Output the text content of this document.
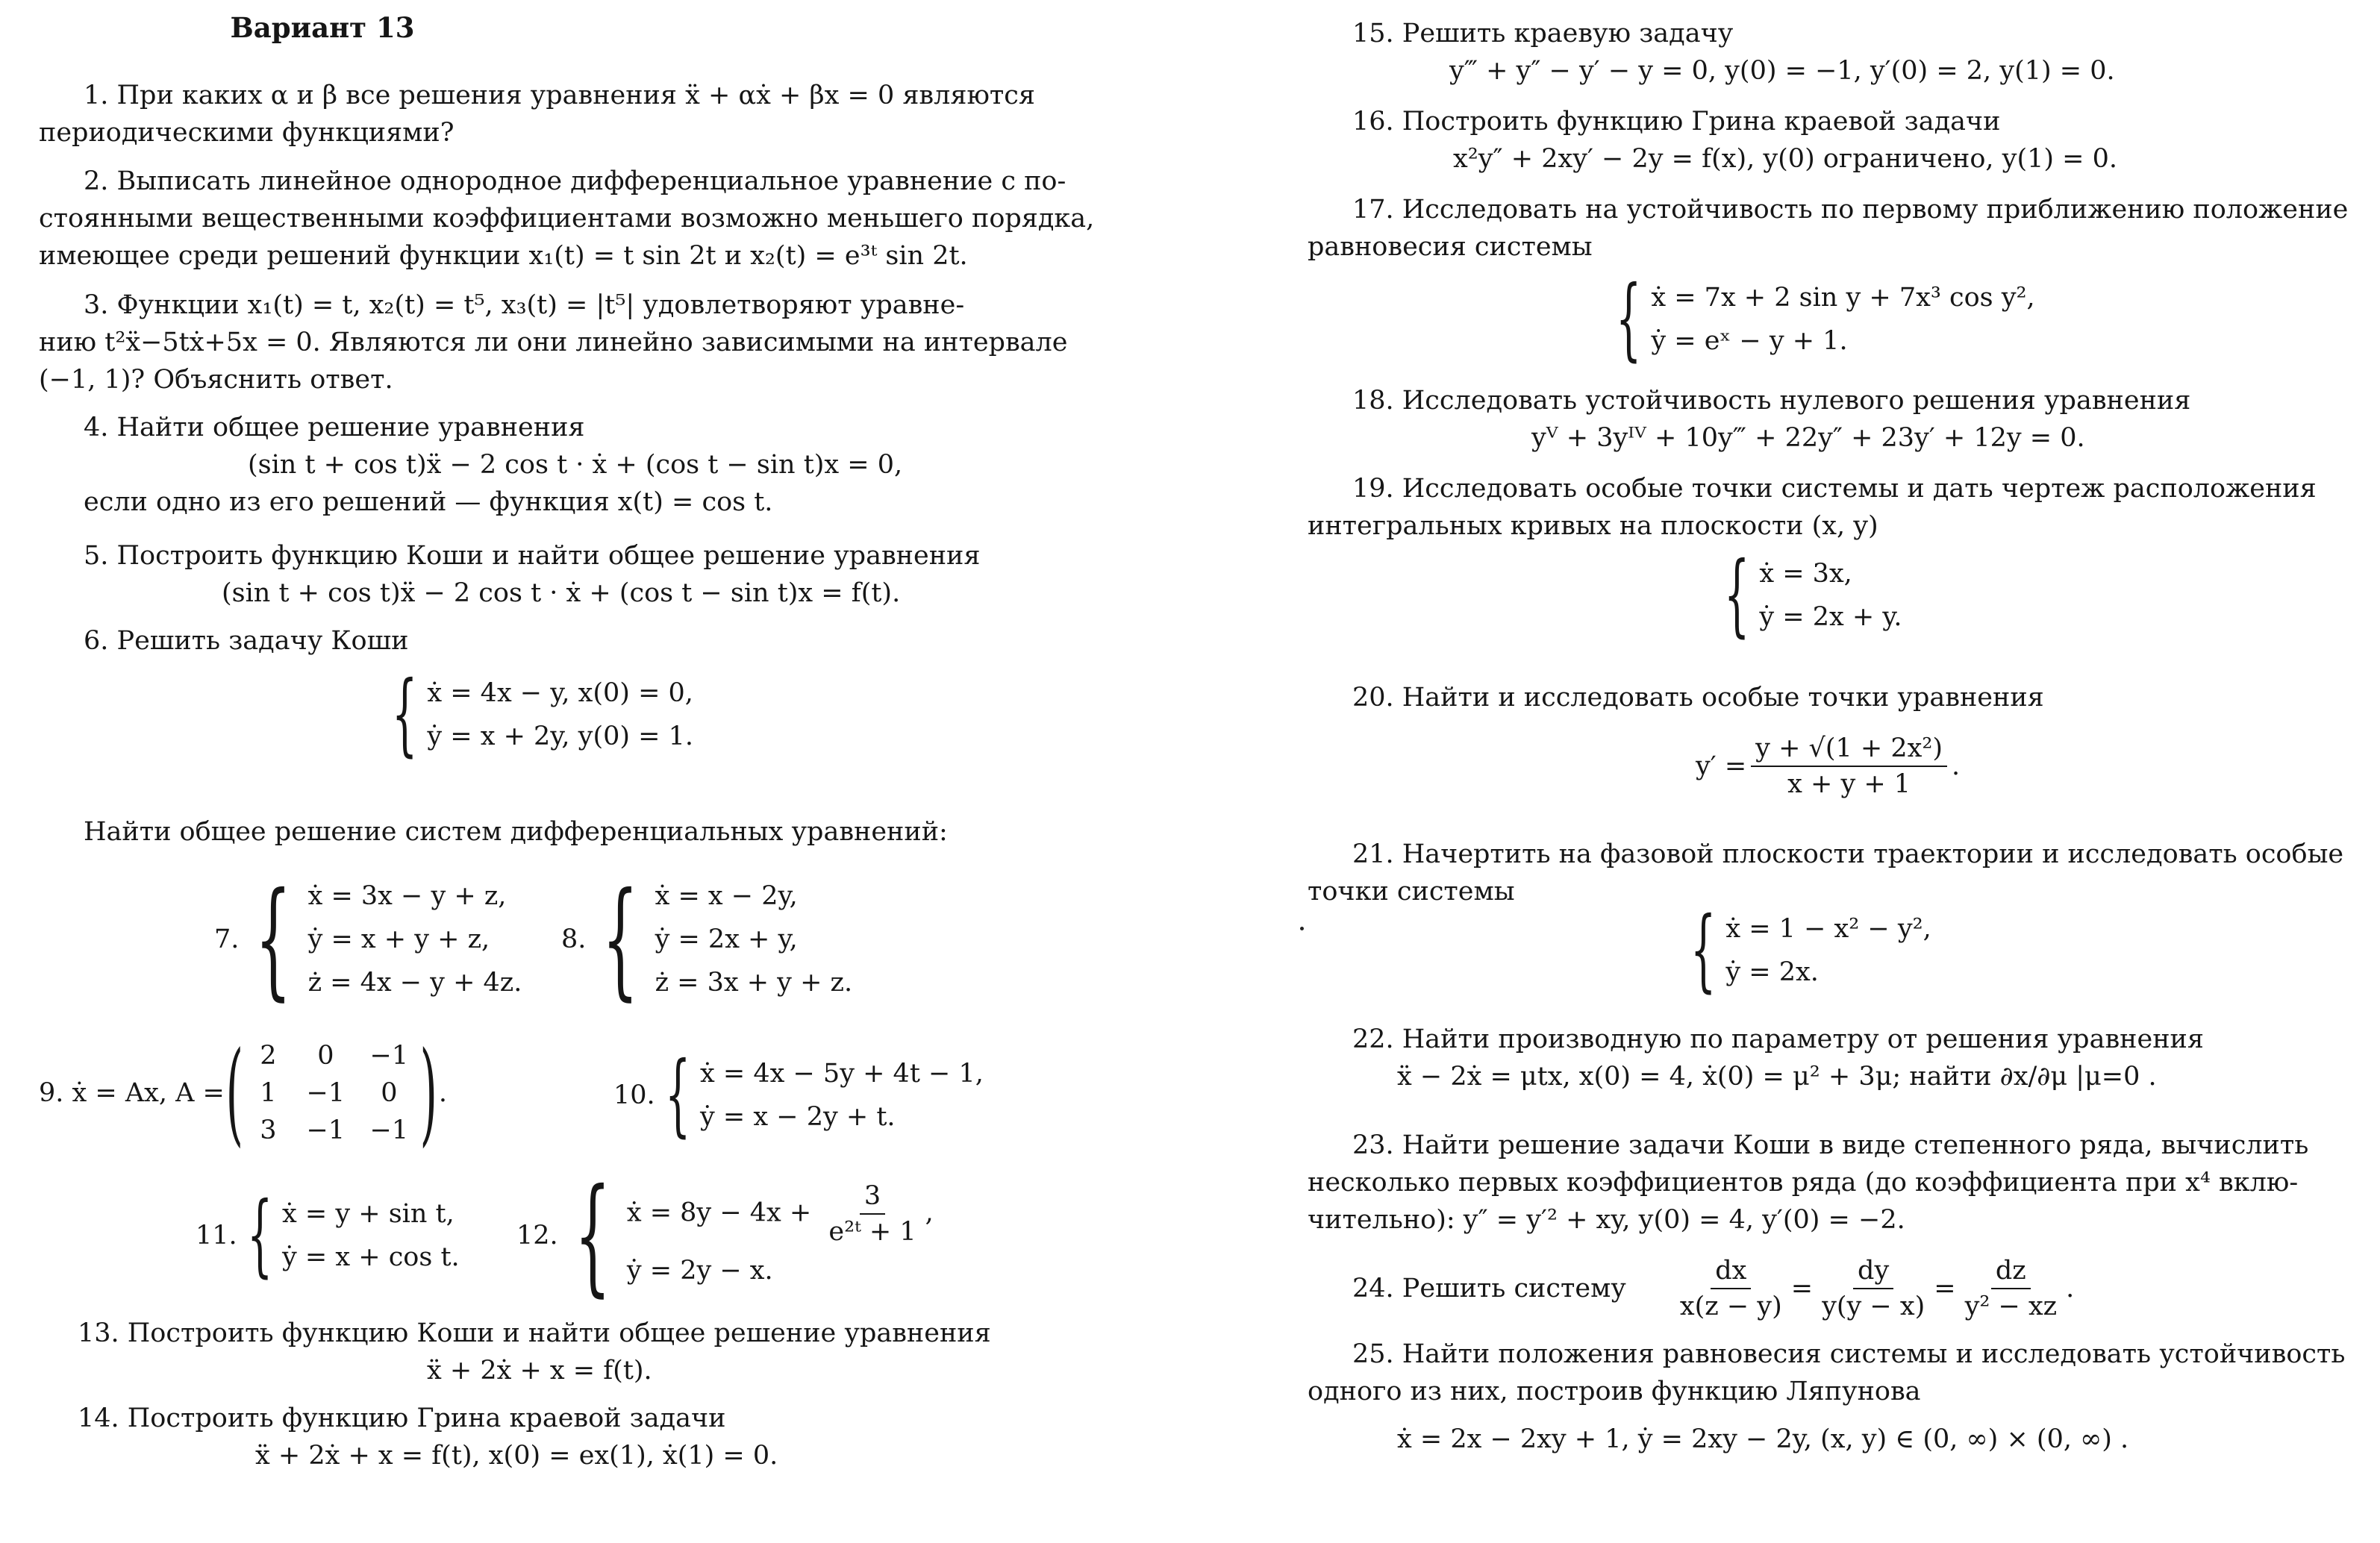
Вариант 13
1. При каких α и β все решения уравнения ẍ + αẋ + βx = 0 являются
периодическими функциями?
2. Выписать линейное однородное дифференциальное уравнение с по-
стоянными вещественными коэффициентами возможно меньшего порядка,
имеющее среди решений функции x₁(t) = t sin 2t и x₂(t) = e³ᵗ sin 2t.
3. Функции x₁(t) = t, x₂(t) = t⁵, x₃(t) = |t⁵| удовлетворяют уравне-
нию t²ẍ−5tẋ+5x = 0. Являются ли они линейно зависимыми на интервале
(−1, 1)? Объяснить ответ.
4. Найти общее решение уравнения
(sin t + cos t)ẍ − 2 cos t · ẋ + (cos t − sin t)x = 0,
если одно из его решений — функция x(t) = cos t.
5. Построить функцию Коши и найти общее решение уравнения
(sin t + cos t)ẍ − 2 cos t · ẋ + (cos t − sin t)x = f(t).
6. Решить задачу Коши
{ ẋ = 4x − y, x(0) = 0,
ẏ = x + 2y, y(0) = 1.
Найти общее решение систем дифференциальных уравнений:
7. { ẋ = 3x − y + z,
ẏ = x + y + z,
ż = 4x − y + 4z.
8. { ẋ = x − 2y,
ẏ = 2x + y,
ż = 3x + y + z.
9. ẋ = Ax, A = ( 2	0	−1
1	−1	0
3	−1 −1 ) .	10. { ẋ = 4x − 5y + 4t − 1,
ẏ = x − 2y + t.
11. { ẋ = y + sin t,
ẏ = x + cos t.
12. { ẋ = $8y - 4x + \frac{3}{\text{e²ᵗ + 1}}$ ,
ẏ = 2y − x.
13. Построить функцию Коши и найти общее решение уравнения
ẍ + 2ẋ + x = f(t).
14. Построить функцию Грина краевой задачи
ẍ + 2ẋ + x = f(t), x(0) = ex(1), ẋ(1) = 0.
15. Решить краевую задачу
y‴ + y″ − y′ − y = 0, y(0) = −1, y′(0) = 2, y(1) = 0.
16. Построить функцию Грина краевой задачи
x²y″ + 2xy′ − 2y = f(x), y(0) ограничено, y(1) = 0.
17. Исследовать на устойчивость по первому приближению положение
равновесия системы
{ ẋ = 7x + 2 sin y + 7x³ cos y²,
ẏ = eˣ − y + 1.
18. Исследовать устойчивость нулевого решения уравнения
yⱽ + 3yᴵⱽ + 10y‴ + 22y″ + 23y′ + 12y = 0.
19. Исследовать особые точки системы и дать чертеж расположения
интегральных кривых на плоскости (x, y)
{ ẋ = 3x,
ẏ = 2x + y.
20. Найти и исследовать особые точки уравнения
$y' = \frac{\text{y + √(1 + 2x²)}}{x + y + 1}$ .
21. Начертить на фазовой плоскости траектории и исследовать особые
точки системы
{ ẋ = 1 − x² − y²,
ẏ = 2x.
22. Найти производную по параметру от решения уравнения
ẍ − 2ẋ = μtx, x(0) = 4, ẋ(0) = μ² + 3μ; найти ∂x/∂μ |μ=0 .
23. Найти решение задачи Коши в виде степенного ряда, вычислить
несколько первых коэффициентов ряда (до коэффициента при x⁴ вклю-
чительно): y″ = y′² + xy, y(0) = 4, y′(0) = −2.
24. Решить систему $\frac{dx}{x(z - y)} = \frac{dy}{y(y - x)} = \frac{dz}{\text{y² − xz}}$ .
25. Найти положения равновесия системы и исследовать устойчивость
одного из них, построив функцию Ляпунова
ẋ = 2x − 2xy + 1, ẏ = 2xy − 2y, (x, y) ∈ (0, ∞) × (0, ∞) .
